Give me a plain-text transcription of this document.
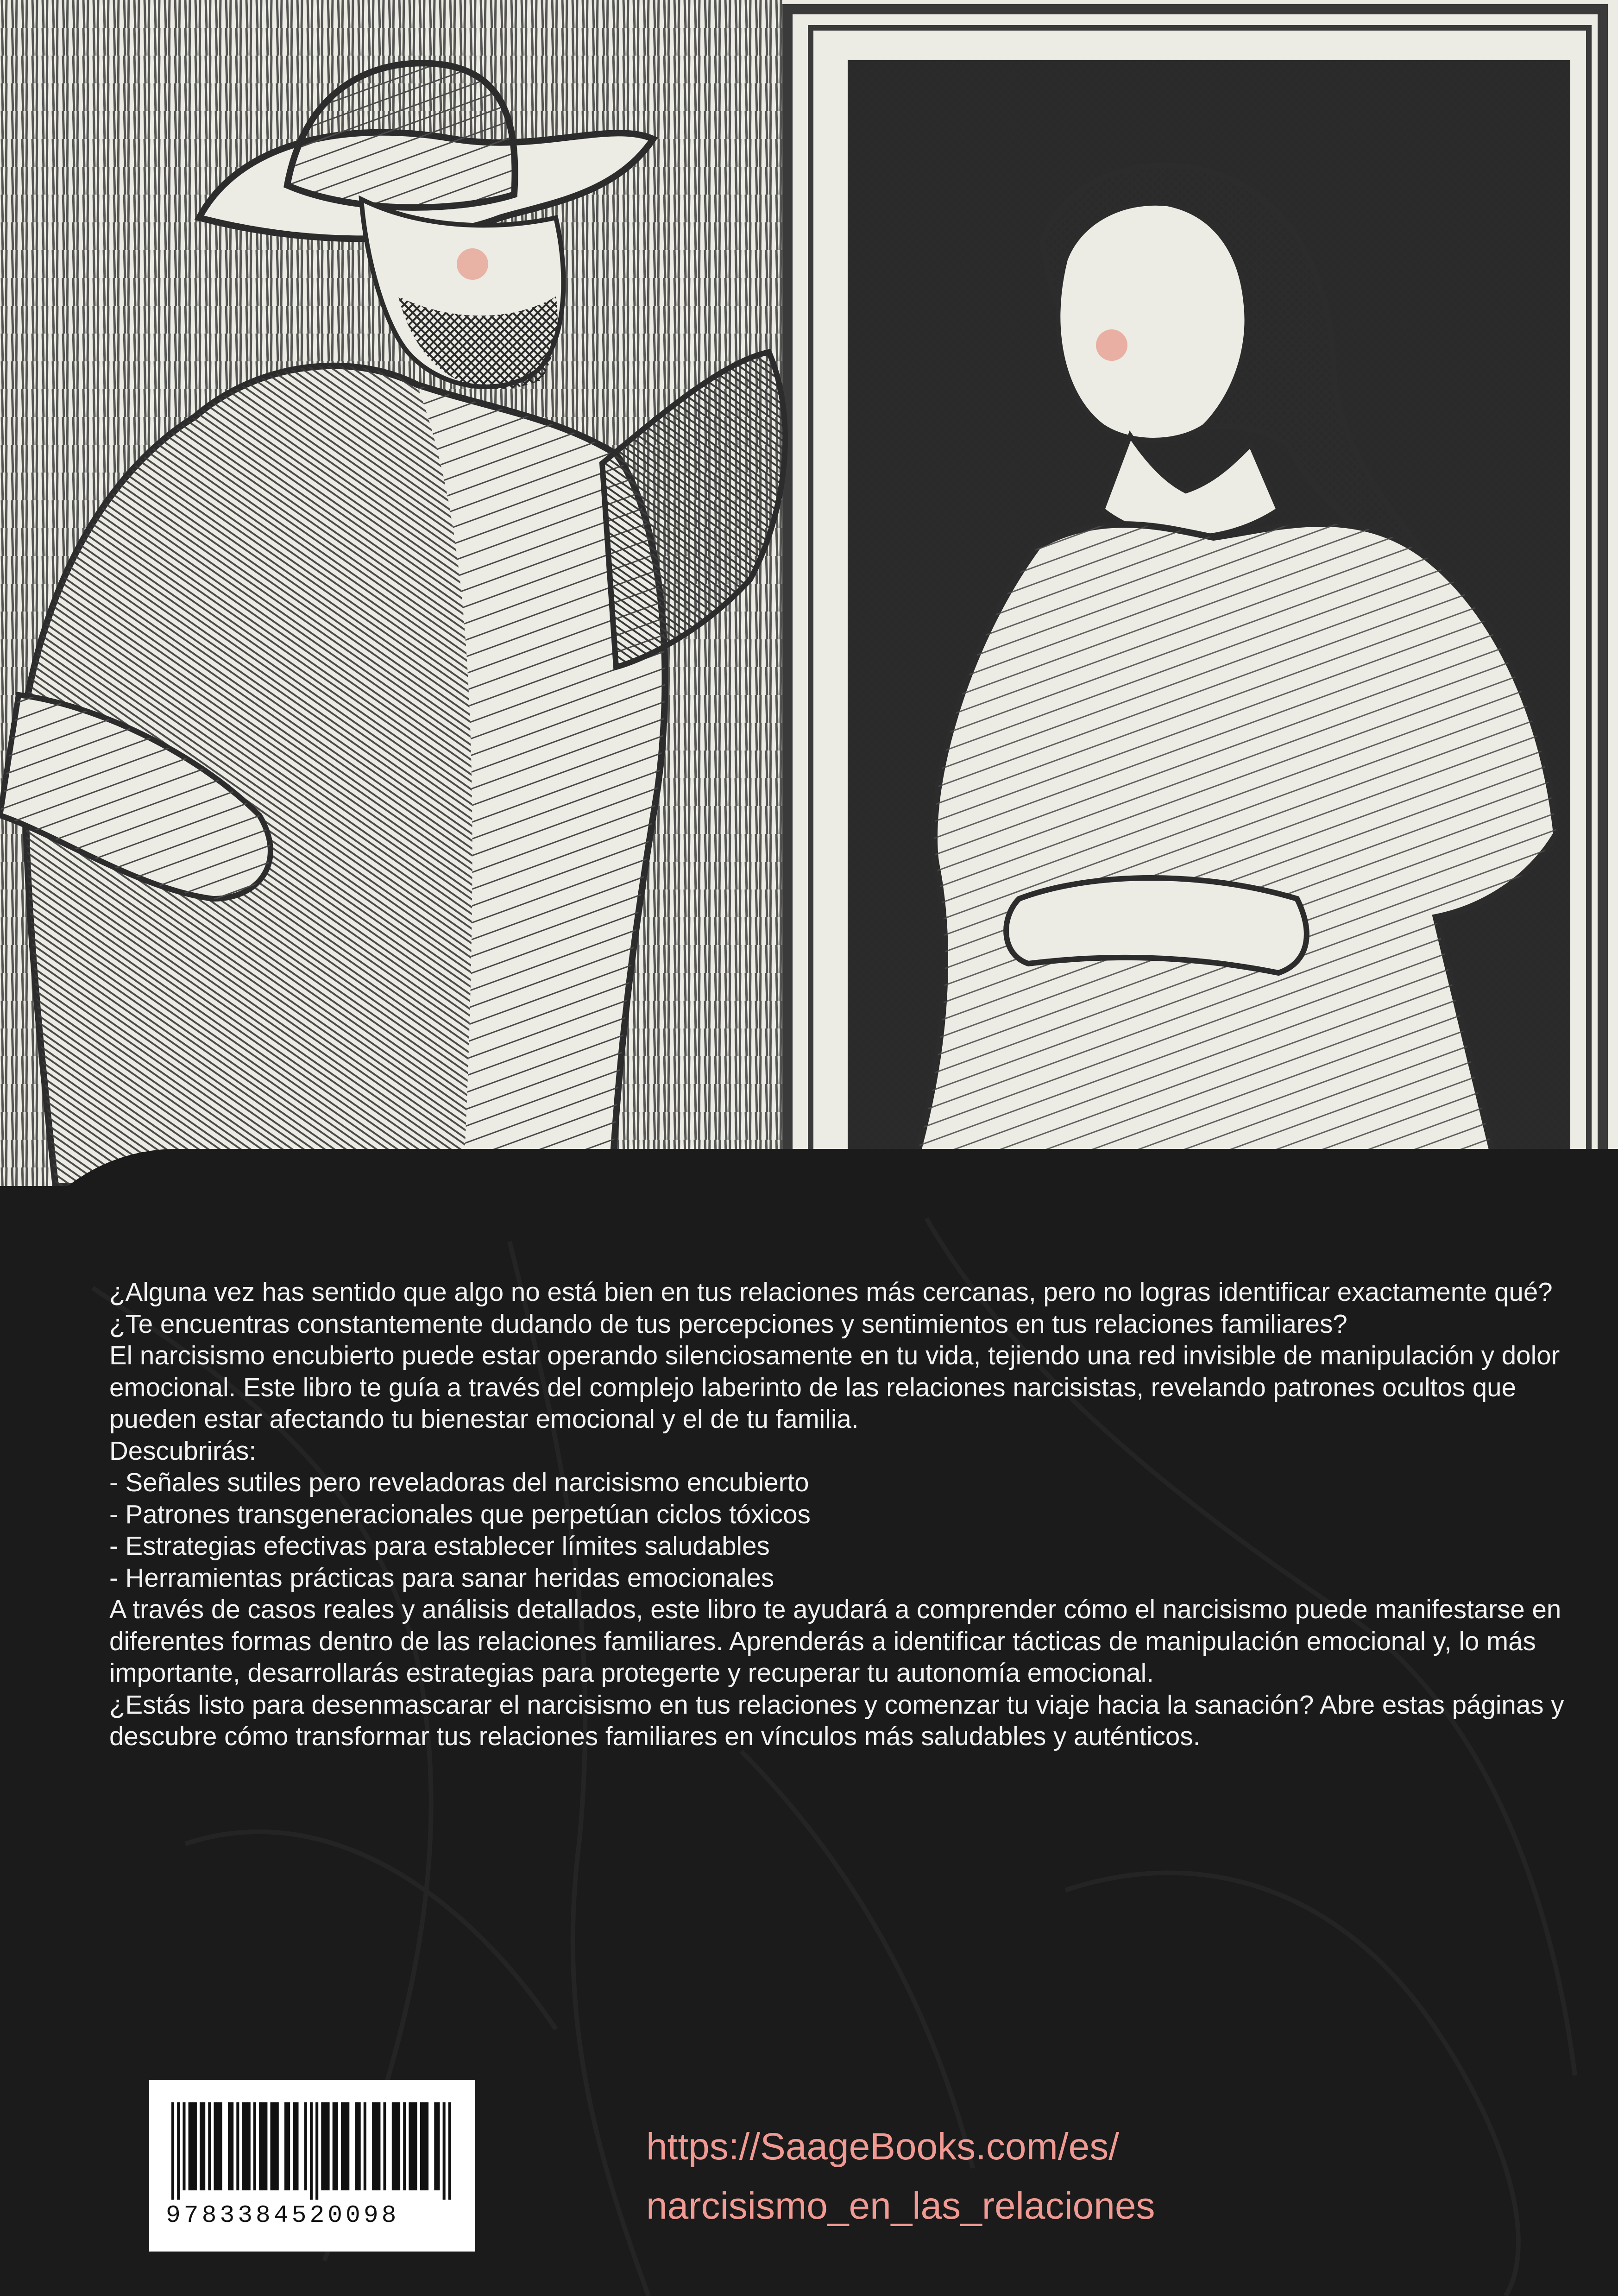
¿Alguna vez has sentido que algo no está bien en tus relaciones más cercanas, pero no logras identificar exactamente qué?

¿Te encuentras constantemente dudando de tus percepciones y sentimientos en tus relaciones familiares?

El narcisismo encubierto puede estar operando silenciosamente en tu vida, tejiendo una red invisible de manipulación y dolor emocional. Este libro te guía a través del complejo laberinto de las relaciones narcisistas, revelando patrones ocultos que pueden estar afectando tu bienestar emocional y el de tu familia.

Descubrirás:

- Señales sutiles pero reveladoras del narcisismo encubierto

- Patrones transgeneracionales que perpetúan ciclos tóxicos

- Estrategias efectivas para establecer límites saludables

- Herramientas prácticas para sanar heridas emocionales

A través de casos reales y análisis detallados, este libro te ayudará a comprender cómo el narcisismo puede manifestarse en diferentes formas dentro de las relaciones familiares. Aprenderás a identificar tácticas de manipulación emocional y, lo más importante, desarrollarás estrategias para protegerte y recuperar tu autonomía emocional.

¿Estás listo para desenmascarar el narcisismo en tus relaciones y comenzar tu viaje hacia la sanación? Abre estas páginas y descubre cómo transformar tus relaciones familiares en vínculos más saludables y auténticos.

9783384520098
https://SaageBooks.com/es/
narcisismo_en_las_relaciones
